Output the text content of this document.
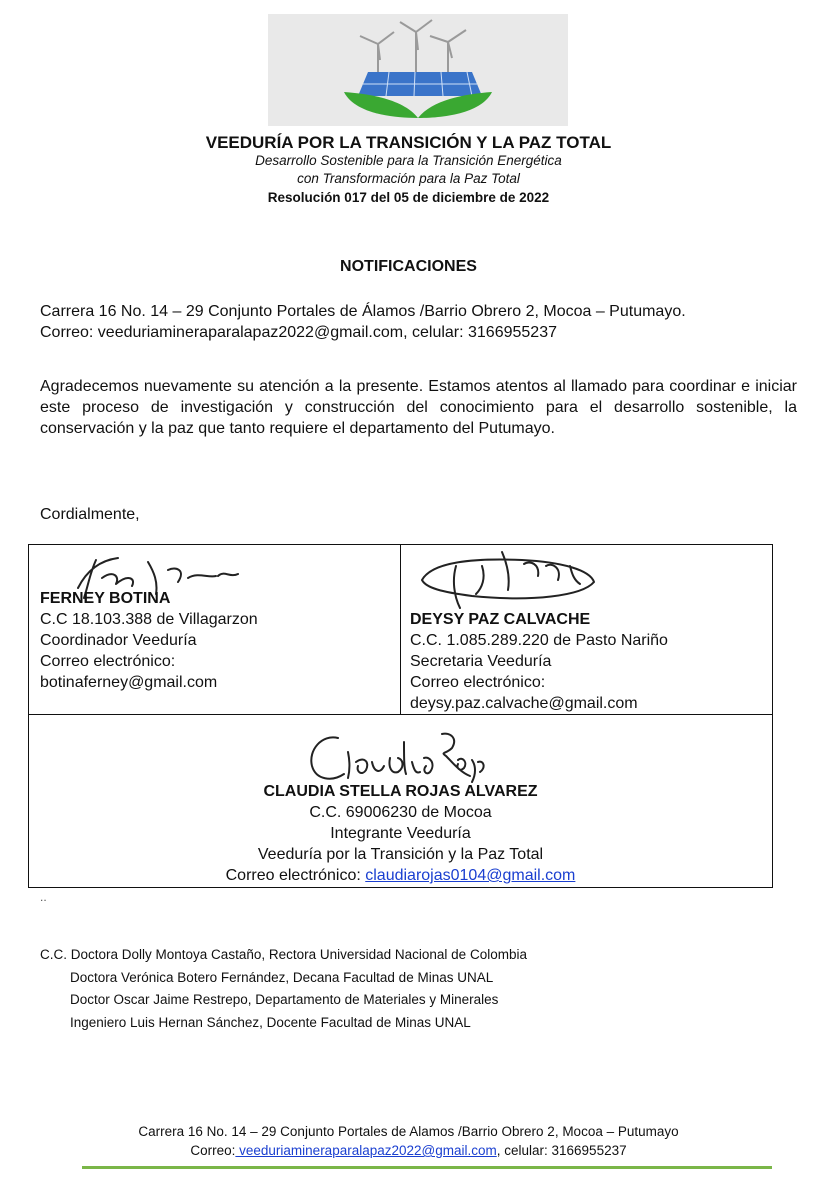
VEEDURÍA POR LA TRANSICIÓN Y LA PAZ TOTAL
Desarrollo Sostenible para la Transición Energética
con Transformación para la Paz Total
Resolución 017 del 05 de diciembre de 2022
NOTIFICACIONES
Carrera 16 No. 14 – 29 Conjunto Portales de Álamos /Barrio Obrero 2, Mocoa – Putumayo.
Correo: veeduriamineraparalapaz2022@gmail.com, celular: 3166955237
Agradecemos nuevamente su atención a la presente. Estamos atentos al llamado para coordinar e iniciar este proceso de investigación y construcción del conocimiento para el desarrollo sostenible, la conservación y la paz que tanto requiere el departamento del Putumayo.
Cordialmente,
FERNEY BOTINA
C.C 18.103.388 de Villagarzon
Coordinador Veeduría
Correo electrónico:
botinaferney@gmail.com
DEYSY PAZ CALVACHE
C.C. 1.085.289.220 de Pasto Nariño
Secretaria Veeduría
Correo electrónico:
deysy.paz.calvache@gmail.com
CLAUDIA STELLA ROJAS ALVAREZ
C.C. 69006230 de Mocoa
Integrante Veeduría
Veeduría por la Transición y la Paz Total
Correo electrónico: claudiarojas0104@gmail.com
..
C.C. Doctora Dolly Montoya Castaño, Rectora Universidad Nacional de Colombia
Doctora Verónica Botero Fernández, Decana Facultad de Minas UNAL
Doctor Oscar Jaime Restrepo, Departamento de Materiales y Minerales
Ingeniero Luis Hernan Sánchez, Docente Facultad de Minas UNAL
Carrera 16 No. 14 – 29 Conjunto Portales de Alamos /Barrio Obrero 2, Mocoa – Putumayo
Correo: veeduriamineraparalapaz2022@gmail.com, celular: 3166955237
